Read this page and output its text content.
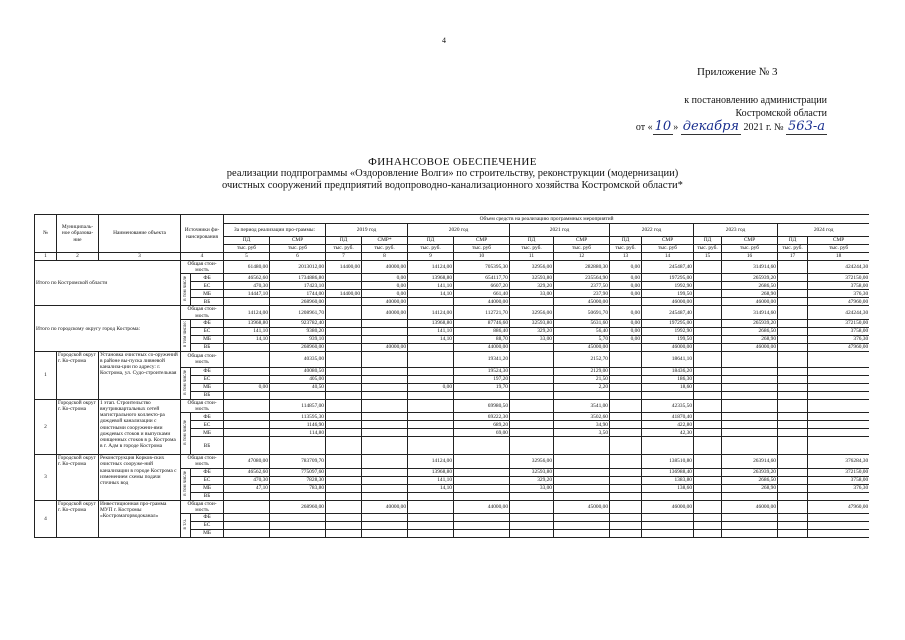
4
Приложение № 3
к постановлению администрации
Костромской области
от « 10 » декабря 2021 г. № 563-а
ФИНАНСОВОЕ ОБЕСПЕЧЕНИЕ
реализации подпрограммы «Оздоровление Волги» по строительству, реконструкции (модернизации)
очистных сооружений предприятий водопроводно-канализационного хозяйства Костромской области*
№	Муниципаль-ное образова-ние	Наименование объекта	Источники фи-нансирования		Объем средств на реализацию программных мероприятий													
					За период реализации про-граммы:		2019 год		2020 год		2021 год		2022 год		2023 год		2024 год	
					ПД	СМР	ПД	СМР*	ПД	СМР	ПД	СМР	ПД	СМР	ПД	СМР	ПД	СМР
					тыс. руб	тыс. руб	тыс. руб.	тыс. руб.	тыс. руб.	тыс. руб	тыс. руб.	тыс. руб	тыс. руб.	тыс. руб	тыс. руб.	тыс. руб	тыс. руб.	тыс. руб
1	2	3	4		5	6	7	8	9	10	11	12	13	14	15	16	17	18
Итого по Костромской области			Общая стои-мость		61480,00	2013012,00	14400,00	40000,00	14124,00	705395,30	32956,00	282880,30	0,00	245487,40		314914,60		424244,30
			в том числе	ФБ	46562,60	1734886,80		0,00	13968,80	654117,70	32593,80	235564,90	0,00	197295,00		265939,20		372150,00
				БС	470,30	17423,10		0,00	141,10	6607,20	329,20	2377,50	0,00	1992,90		2686,50		3758,00
				МБ	14447,10	1744,00	14400,00	0,00	14,10	661,40	33,00	237,90	0,00	199,50		268,90		376,30
				ВБ		268960,00		40000,00		44000,00		45000,00		46000,00		46000,00		47960,00
Итого по городскому округу город Кострома:			Общая стои-мость		14124,00	1208961,70		40000,00	14124,00	112721,70	32956,00	50691,70	0,00	245487,40		314914,60		424244,30
			в том числе:	ФБ	13968,80	923782,40			13968,80	87746,60	32593,80	5631,60	0,00	197295,00		265939,20		372150,00
				БС	141,10	9380,20			141,10	886,40	329,20	56,40	0,00	1992,90		2686,50		3758,00
				МБ	14,10	939,10			14,10	88,70	33,00	5,70	0,00	199,50		268,90		376,30
				ВБ		268960,00		40000,00		44000,00		45000,00		46000,00		46000,00		47960,00
1	Городской округ г. Ко-строма	Установка очистных со-оружений в районе вы-пуска ливневой канализа-ции по адресу: г. Кострома, ул. Судо-строительная	Общая стои-мость			40335,00				19341,20		2152,70		18641,10				
			в том числе	ФБ		40080,50				19524,30		2129,00		18436,20				
				БС		405,00				197,20		21,50		186,30				
				МБ	0,00	40,50			0,00	19,70		2,20		18,60				
				ВБ														
2	Городской округ г. Ко-строма	1 этап. Строительство внутриквартальных сетей магистрального коллекто-ра дождевой канализации с очистными сооружени-ями дождевых стоков и выпусками очищенных стоков в р. Кострома в г. Адм в городе Кострома	Общая стои-мость			114857,00				69980,50		3541,00		42335,50				
			в том числе	ФБ		113595,30				69222,30		3502,60		41870,40				
				БС		1146,90				689,20		34,90		422,80				
				МБ		114,80				69,00		3,50		42,30				
				ВБ														
3	Городской округ г. Ко-строма	Реконструкция Корков-ских очистных сооруже-ний канализации в городе Кострома с изменением схемы подачи сточных вод	Общая стои-мость		47080,00	783709,70			14124,00		32956,00			138510,80		263914,60		376284,30
			в том числе	ФБ	46562,60	775097,60			13968,80		32593,80			136988,40		263939,20		372150,00
				БС	470,30	7828,30			141,10		329,20			1383,80		2686,50		3758,00
				МБ	47,10	783,80			14,10		33,00			138,60		268,90		376,30
				ВБ														
4	Городской округ г. Ко-строма	Инвестиционная про-грамма МУП г. Костромы «Костромагорводоканал»	Общая стои-мость			268960,00		40000,00		44000,00		45000,00		46000,00		46000,00		47960,00
			в т.ч.	ФБ														
				БС														
				МБ														
